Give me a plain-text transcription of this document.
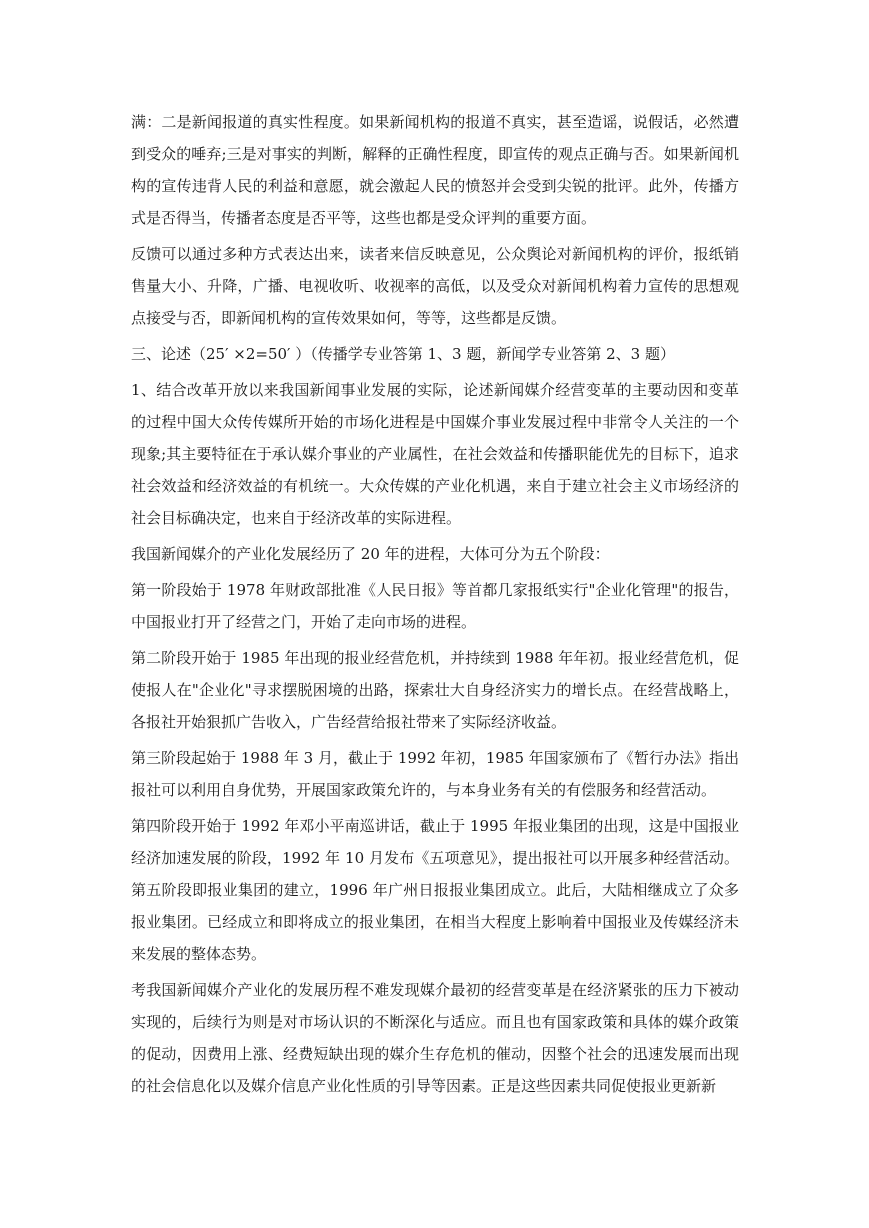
满：二是新闻报道的真实性程度。如果新闻机构的报道不真实，甚至造谣，说假话，必然遭到受众的唾弃;三是对事实的判断，解释的正确性程度，即宣传的观点正确与否。如果新闻机构的宣传违背人民的利益和意愿，就会激起人民的愤怒并会受到尖锐的批评。此外，传播方式是否得当，传播者态度是否平等，这些也都是受众评判的重要方面。

反馈可以通过多种方式表达出来，读者来信反映意见，公众舆论对新闻机构的评价，报纸销售量大小、升降，广播、电视收听、收视率的高低，以及受众对新闻机构着力宣传的思想观点接受与否，即新闻机构的宣传效果如何，等等，这些都是反馈。

三、论述（25′ ×2=50′ ）（传播学专业答第 1、3 题，新闻学专业答第 2、3 题）

1、结合改革开放以来我国新闻事业发展的实际，论述新闻媒介经营变革的主要动因和变革的过程中国大众传传媒所开始的市场化进程是中国媒介事业发展过程中非常令人关注的一个现象;其主要特征在于承认媒介事业的产业属性，在社会效益和传播职能优先的目标下，追求社会效益和经济效益的有机统一。大众传媒的产业化机遇，来自于建立社会主义市场经济的社会目标确决定，也来自于经济改革的实际进程。

我国新闻媒介的产业化发展经历了 20 年的进程，大体可分为五个阶段：

第一阶段始于 1978 年财政部批准《人民日报》等首都几家报纸实行"企业化管理"的报告，中国报业打开了经营之门，开始了走向市场的进程。

第二阶段开始于 1985 年出现的报业经营危机，并持续到 1988 年年初。报业经营危机，促使报人在"企业化"寻求摆脱困境的出路，探索壮大自身经济实力的增长点。在经营战略上，各报社开始狠抓广告收入，广告经营给报社带来了实际经济收益。

第三阶段起始于 1988 年 3 月，截止于 1992 年初，1985 年国家颁布了《暂行办法》指出报社可以利用自身优势，开展国家政策允许的，与本身业务有关的有偿服务和经营活动。

第四阶段开始于 1992 年邓小平南巡讲话，截止于 1995 年报业集团的出现，这是中国报业经济加速发展的阶段，1992 年 10 月发布《五项意见》，提出报社可以开展多种经营活动。第五阶段即报业集团的建立，1996 年广州日报报业集团成立。此后，大陆相继成立了众多报业集团。已经成立和即将成立的报业集团，在相当大程度上影响着中国报业及传媒经济未来发展的整体态势。

考我国新闻媒介产业化的发展历程不难发现媒介最初的经营变革是在经济紧张的压力下被动实现的，后续行为则是对市场认识的不断深化与适应。而且也有国家政策和具体的媒介政策的促动，因费用上涨、经费短缺出现的媒介生存危机的催动，因整个社会的迅速发展而出现的社会信息化以及媒介信息产业化性质的引导等因素。正是这些因素共同促使报业更新新
